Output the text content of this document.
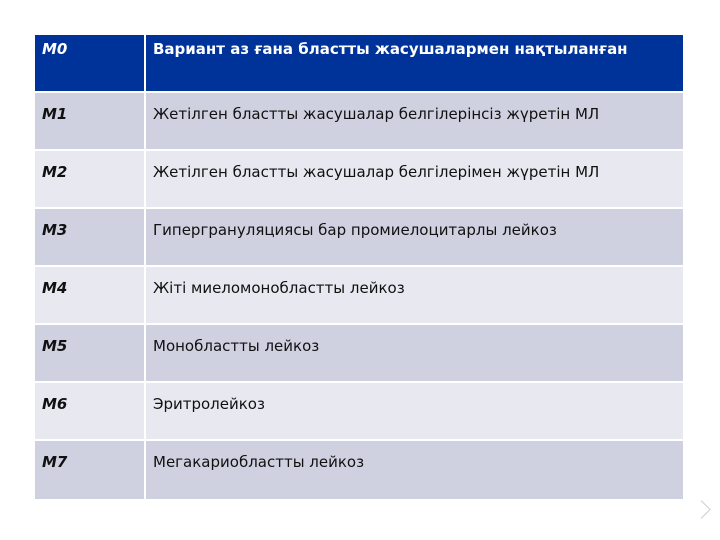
M0	Вариант аз ғана бластты жасушалармен нақтыланған
M1	Жетілген бластты жасушалар белгілерінсіз жүретін МЛ
M2	Жетілген бластты жасушалар белгілерімен жүретін МЛ
M3	Гипергрануляциясы бар промиелоцитарлы лейкоз
M4	Жіті миеломонобластты лейкоз
M5	Монобластты лейкоз
M6	Эритролейкоз
M7	Мегакариобластты лейкоз
